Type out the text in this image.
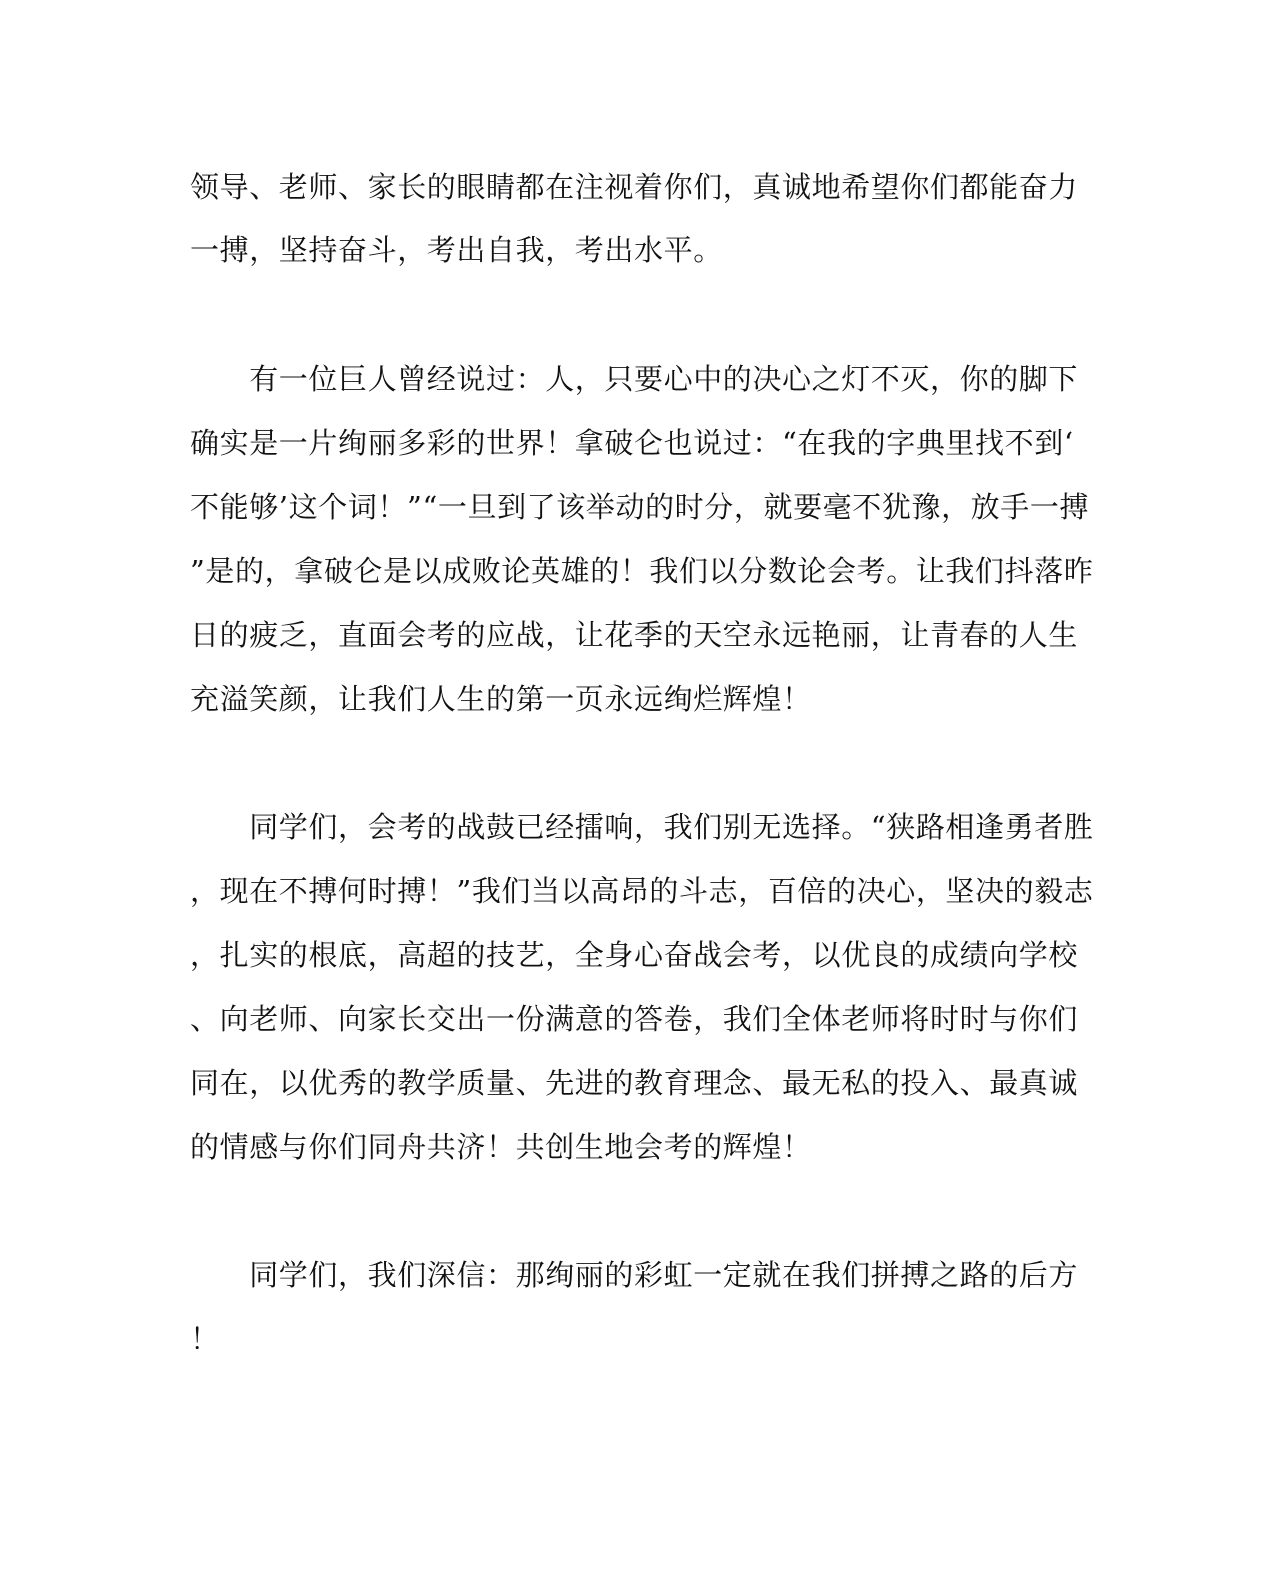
领导、老师、家长的眼睛都在注视着你们，真诚地希望你们都能奋力
一搏，坚持奋斗，考出自我，考出水平。
　　有一位巨人曾经说过：人，只要心中的决心之灯不灭，你的脚下
确实是一片绚丽多彩的世界！拿破仑也说过：“在我的字典里找不到‘
不能够’这个词！”“一旦到了该举动的时分，就要毫不犹豫，放手一搏
”是的，拿破仑是以成败论英雄的！我们以分数论会考。让我们抖落昨
日的疲乏，直面会考的应战，让花季的天空永远艳丽，让青春的人生
充溢笑颜，让我们人生的第一页永远绚烂辉煌！
　　同学们，会考的战鼓已经擂响，我们别无选择。“狭路相逢勇者胜
，现在不搏何时搏！”我们当以高昂的斗志，百倍的决心，坚决的毅志
，扎实的根底，高超的技艺，全身心奋战会考，以优良的成绩向学校
、向老师、向家长交出一份满意的答卷，我们全体老师将时时与你们
同在，以优秀的教学质量、先进的教育理念、最无私的投入、最真诚
的情感与你们同舟共济！共创生地会考的辉煌！
　　同学们，我们深信：那绚丽的彩虹一定就在我们拼搏之路的后方
！
